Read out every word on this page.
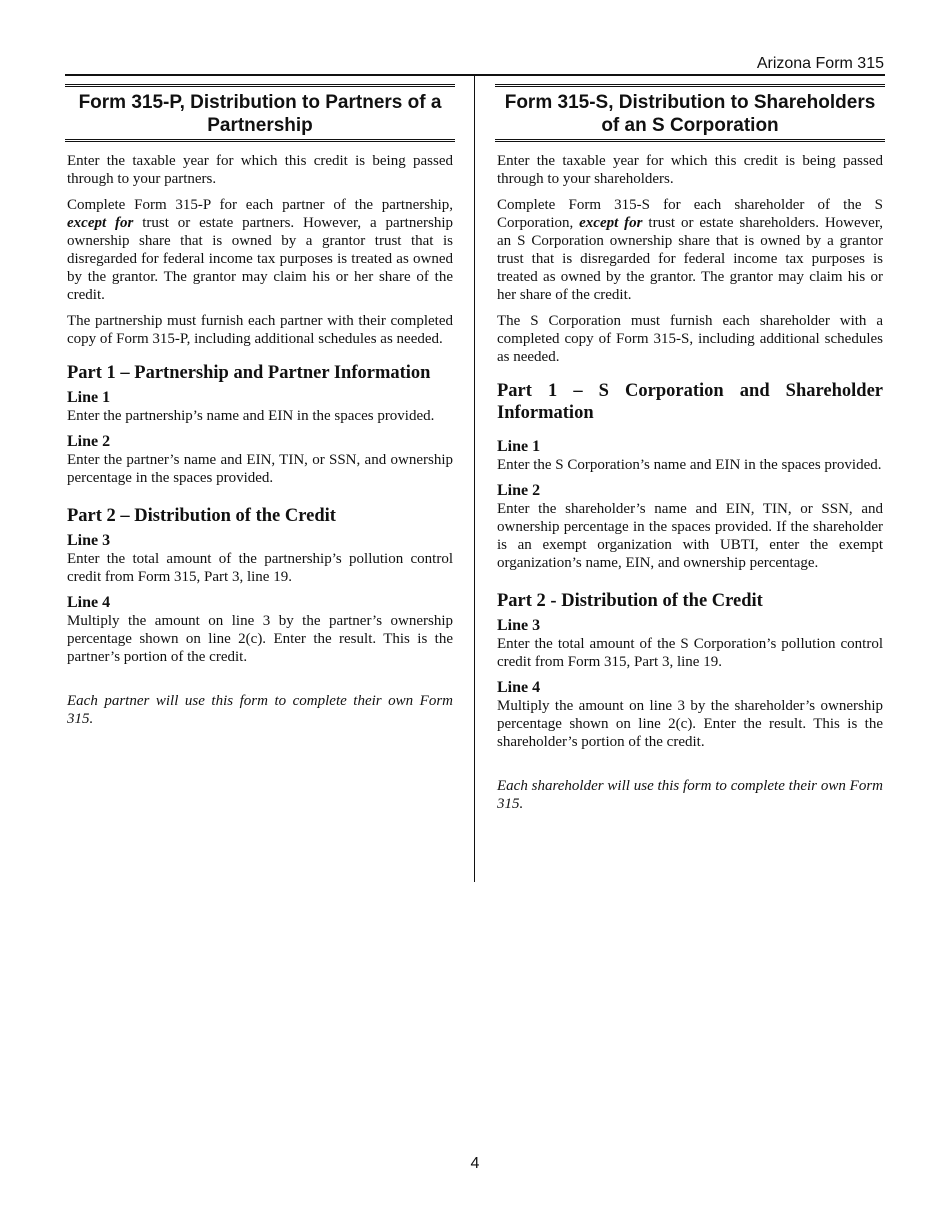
Arizona Form 315
Form 315-P, Distribution to Partners of a Partnership

Enter the taxable year for which this credit is being passed through to your partners.

Complete Form 315-P for each partner of the partnership, except for trust or estate partners. However, a partnership ownership share that is owned by a grantor trust that is disregarded for federal income tax purposes is treated as owned by the grantor. The grantor may claim his or her share of the credit.

The partnership must furnish each partner with their completed copy of Form 315-P, including additional schedules as needed.

Part 1 – Partnership and Partner Information
Line 1

Enter the partnership’s name and EIN in the spaces provided.

Line 2

Enter the partner’s name and EIN, TIN, or SSN, and ownership percentage in the spaces provided.

Part 2 – Distribution of the Credit
Line 3

Enter the total amount of the partnership’s pollution control credit from Form 315, Part 3, line 19.

Line 4

Multiply the amount on line 3 by the partner’s ownership percentage shown on line 2(c). Enter the result. This is the partner’s portion of the credit.

Each partner will use this form to complete their own Form 315.

Form 315-S, Distribution to Shareholders of an S Corporation

Enter the taxable year for which this credit is being passed through to your shareholders.

Complete Form 315-S for each shareholder of the S Corporation, except for trust or estate shareholders. However, an S Corporation ownership share that is owned by a grantor trust that is disregarded for federal income tax purposes is treated as owned by the grantor. The grantor may claim his or her share of the credit.

The S Corporation must furnish each shareholder with a completed copy of Form 315-S, including additional schedules as needed.

Part 1 – S Corporation and Shareholder Information
Line 1

Enter the S Corporation’s name and EIN in the spaces provided.

Line 2

Enter the shareholder’s name and EIN, TIN, or SSN, and ownership percentage in the spaces provided. If the shareholder is an exempt organization with UBTI, enter the exempt organization’s name, EIN, and ownership percentage.

Part 2 - Distribution of the Credit
Line 3

Enter the total amount of the S Corporation’s pollution control credit from Form 315, Part 3, line 19.

Line 4

Multiply the amount on line 3 by the shareholder’s ownership percentage shown on line 2(c). Enter the result. This is the shareholder’s portion of the credit.

Each shareholder will use this form to complete their own Form 315.

4
